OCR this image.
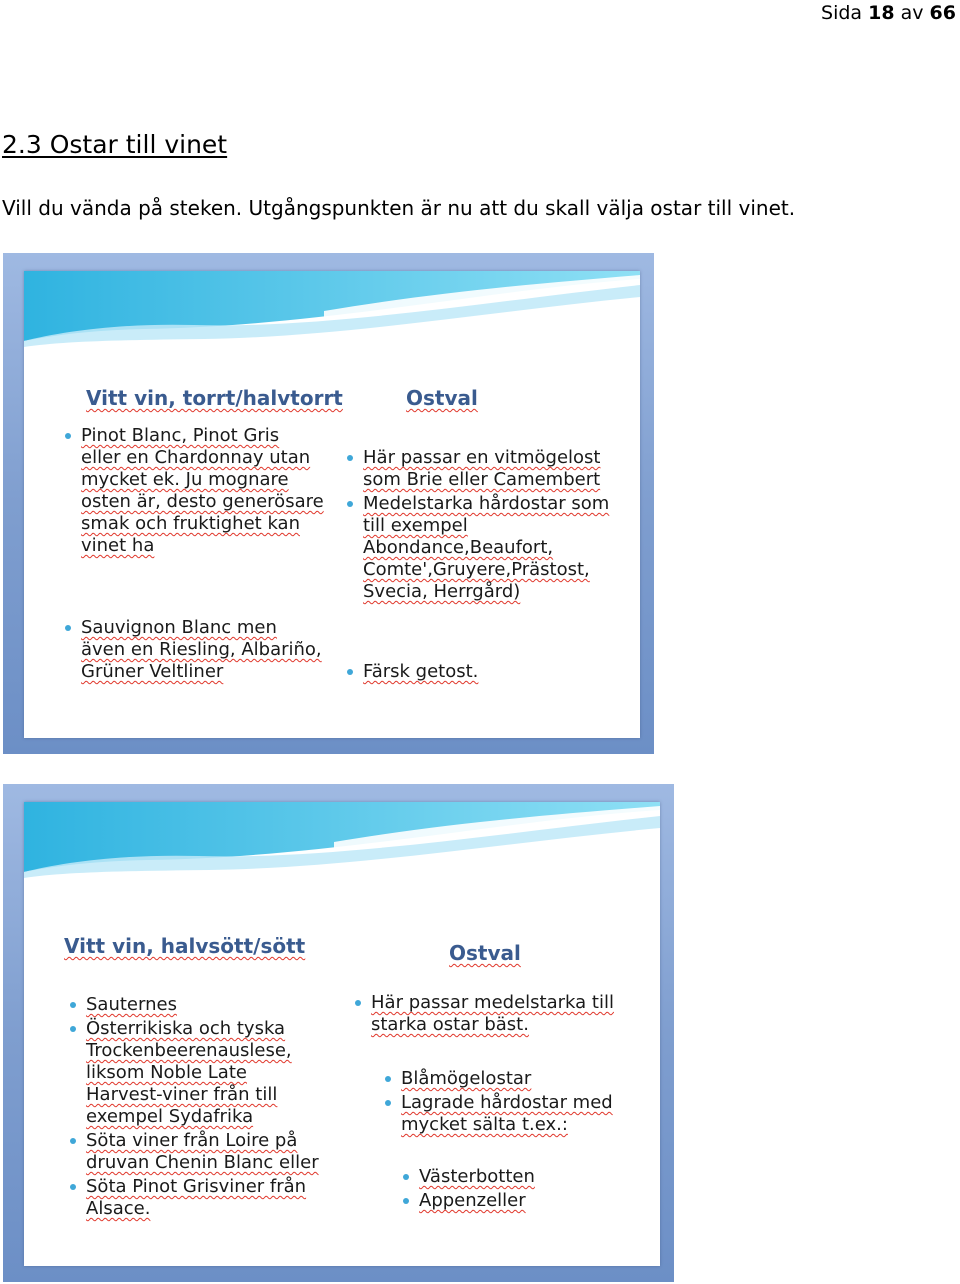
Sida 18 av 66
2.3 Ostar till vinet

Vill du vända på steken. Utgångspunkten är nu att du skall välja ostar till vinet.

Vitt vin, torrt/halvtorrt	Ostval
Pinot Blanc, Pinot Gris eller en Chardonnay utan mycket ek. Ju mognare osten är, desto generösare smak och fruktighet kan vinet ha
Sauvignon Blanc men även en Riesling, Albariño, Grüner Veltliner
Här passar en vitmögelost som Brie eller Camembert
Medelstarka hårdostar som till exempel Abondance,Beaufort, Comte',Gruyere,Prästost, Svecia, Herrgård)
Färsk getost.
Vitt vin, halvsött/sött	Ostval
Sauternes
Österrikiska och tyska Trockenbeerenauslese, liksom Noble Late Harvest-viner från till exempel Sydafrika
Söta viner från Loire på druvan Chenin Blanc eller
Söta Pinot Grisviner från Alsace.
Här passar medelstarka till starka ostar bäst.
Blåmögelostar
Lagrade hårdostar med mycket sälta t.ex.:
Västerbotten
Appenzeller
